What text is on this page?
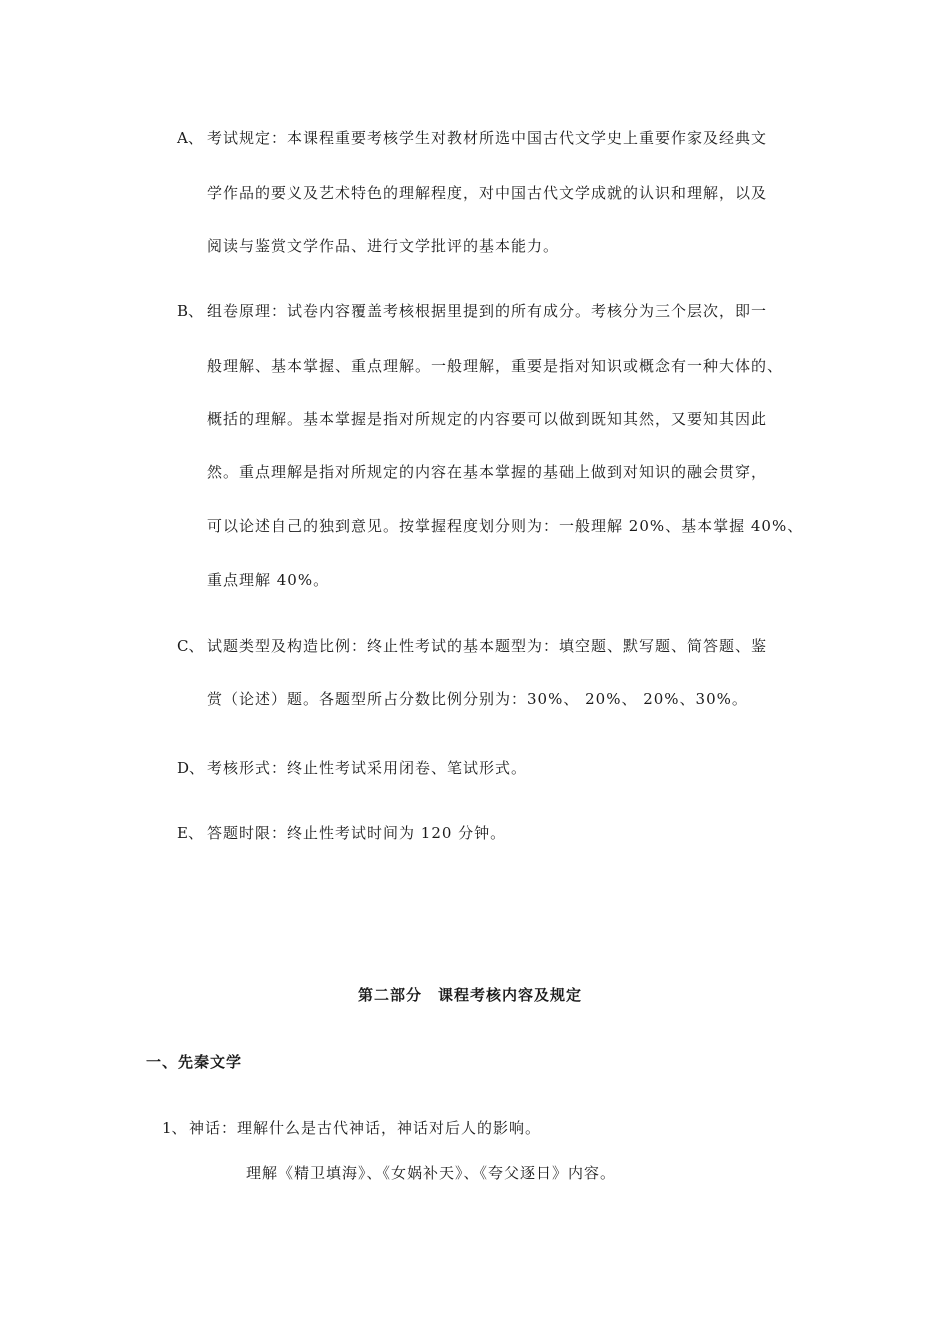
A、 考试规定：本课程重要考核学生对教材所选中国古代文学史上重要作家及经典文
学作品的要义及艺术特色的理解程度，对中国古代文学成就的认识和理解，以及
阅读与鉴赏文学作品、进行文学批评的基本能力。
B、 组卷原理：试卷内容覆盖考核根据里提到的所有成分。考核分为三个层次，即一
般理解、基本掌握、重点理解。一般理解，重要是指对知识或概念有一种大体的、
概括的理解。基本掌握是指对所规定的内容要可以做到既知其然，又要知其因此
然。重点理解是指对所规定的内容在基本掌握的基础上做到对知识的融会贯穿，
可以论述自己的独到意见。按掌握程度划分则为：一般理解 20%、基本掌握 40%、
重点理解 40%。
C、 试题类型及构造比例：终止性考试的基本题型为：填空题、默写题、简答题、鉴
赏（论述）题。各题型所占分数比例分别为：30%、 20%、 20%、30%。
D、 考核形式：终止性考试采用闭卷、笔试形式。
E、 答题时限：终止性考试时间为 120 分钟。
第二部分　课程考核内容及规定
一、先秦文学
1、 神话：理解什么是古代神话，神话对后人的影响。
理解《精卫填海》、《女娲补天》、《夸父逐日》内容。
